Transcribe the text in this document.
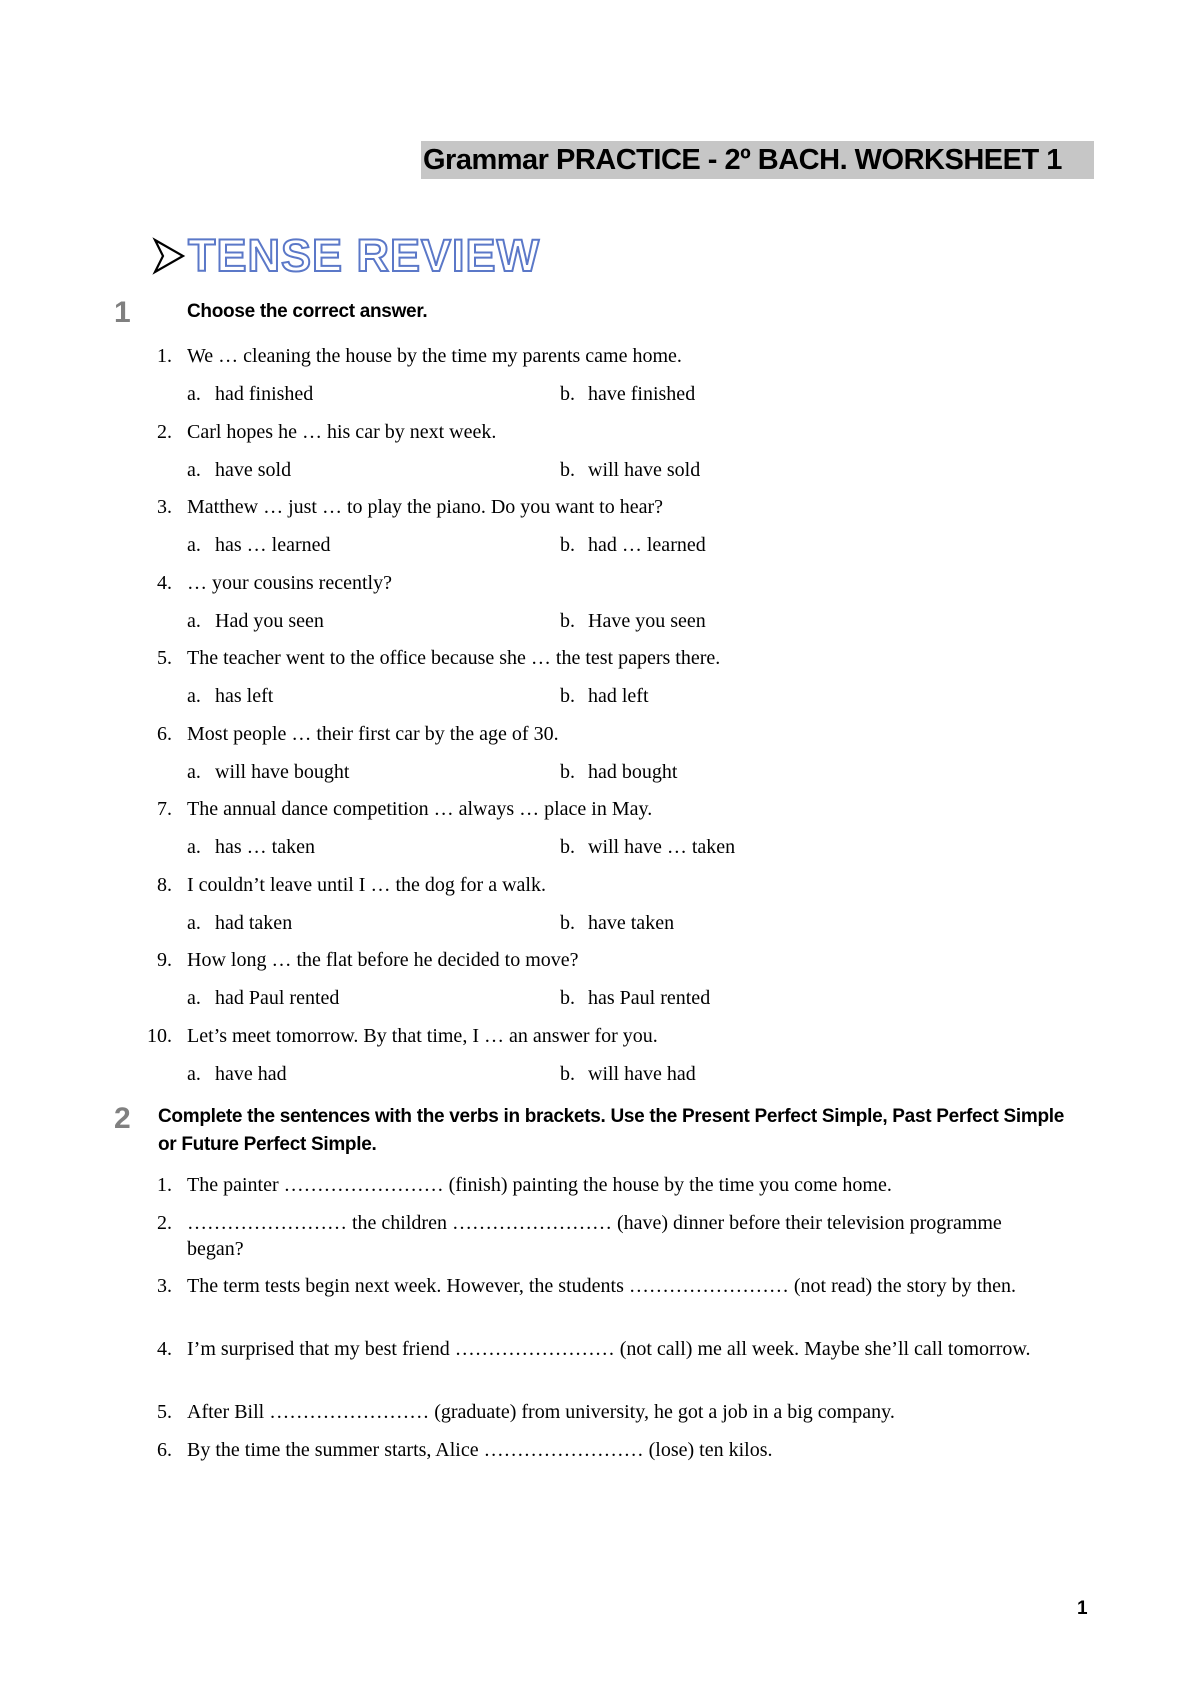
Grammar PRACTICE - 2º BACH. WORKSHEET 1
TENSE REVIEW
1	Choose the correct answer.
1. We … cleaning the house by the time my parents came home.
a. had finished	b. have finished
2. Carl hopes he … his car by next week.
a. have sold	b. will have sold
3. Matthew … just … to play the piano. Do you want to hear?
a. has … learned	b. had … learned
4. … your cousins recently?
a. Had you seen	b. Have you seen
5. The teacher went to the office because she … the test papers there.
a. has left	b. had left
6. Most people … their first car by the age of 30.
a. will have bought	b. had bought
7. The annual dance competition … always … place in May.
a. has … taken	b. will have … taken
8. I couldn’t leave until I … the dog for a walk.
a. had taken	b. have taken
9. How long … the flat before he decided to move?
a. had Paul rented	b. has Paul rented
10. Let’s meet tomorrow. By that time, I … an answer for you.
a. have had	b. will have had
2 Complete the sentences with the verbs in brackets. Use the Present Perfect Simple, Past Perfect Simple or Future Perfect Simple.
1. The painter …………………… (finish) painting the house by the time you come home.
2. …………………… the children …………………… (have) dinner before their television programme began?
3. The term tests begin next week. However, the students …………………… (not read) the story by then.
4. I’m surprised that my best friend …………………… (not call) me all week. Maybe she’ll call tomorrow.
5. After Bill …………………… (graduate) from university, he got a job in a big company.
6. By the time the summer starts, Alice …………………… (lose) ten kilos.
1
